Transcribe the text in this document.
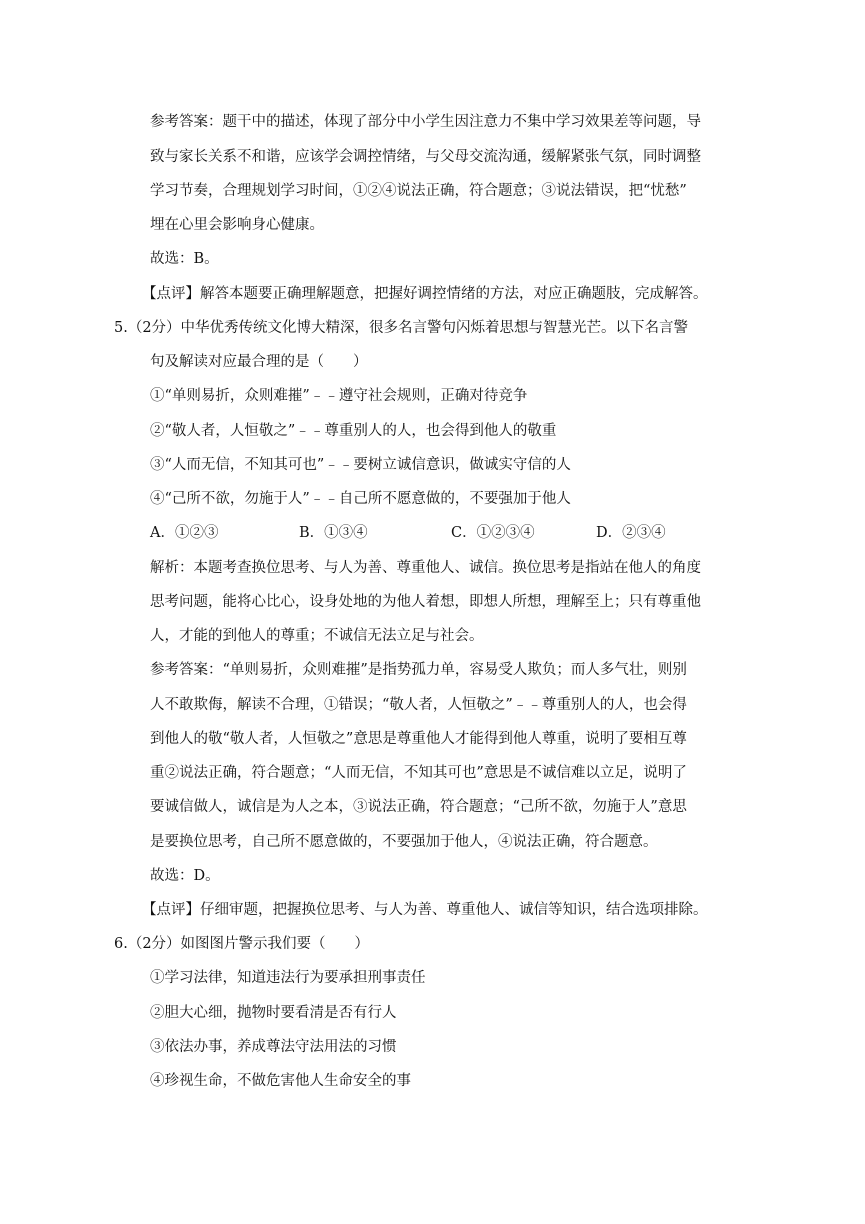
参考答案：题干中的描述，体现了部分中小学生因注意力不集中学习效果差等问题，导
致与家长关系不和谐，应该学会调控情绪，与父母交流沟通，缓解紧张气氛，同时调整
学习节奏，合理规划学习时间，①②④说法正确，符合题意；③说法错误，把“忧愁”
埋在心里会影响身心健康。
故选：B。
【点评】解答本题要正确理解题意，把握好调控情绪的方法，对应正确题肢，完成解答。
5.（2分）中华优秀传统文化博大精深，很多名言警句闪烁着思想与智慧光芒。以下名言警
句及解读对应最合理的是（　　）
①“单则易折，众则难摧”﹣﹣遵守社会规则，正确对待竞争
②“敬人者，人恒敬之”﹣﹣尊重别人的人，也会得到他人的敬重
③“人而无信，不知其可也”﹣﹣要树立诚信意识，做诚实守信的人
④“己所不欲，勿施于人”﹣﹣自己所不愿意做的，不要强加于他人
A．①②③	B．①③④	C．①②③④	D．②③④
解析：本题考查换位思考、与人为善、尊重他人、诚信。换位思考是指站在他人的角度
思考问题，能将心比心，设身处地的为他人着想，即想人所想，理解至上；只有尊重他
人，才能的到他人的尊重；不诚信无法立足与社会。
参考答案：“单则易折，众则难摧”是指势孤力单，容易受人欺负；而人多气壮，则别
人不敢欺侮，解读不合理，①错误；“敬人者，人恒敬之”﹣﹣尊重别人的人，也会得
到他人的敬“敬人者，人恒敬之”意思是尊重他人才能得到他人尊重，说明了要相互尊
重②说法正确，符合题意；“人而无信，不知其可也”意思是不诚信难以立足，说明了
要诚信做人，诚信是为人之本，③说法正确，符合题意；“己所不欲，勿施于人”意思
是要换位思考，自己所不愿意做的，不要强加于他人，④说法正确，符合题意。
故选：D。
【点评】仔细审题，把握换位思考、与人为善、尊重他人、诚信等知识，结合选项排除。
6.（2分）如图图片警示我们要（　　）
①学习法律，知道违法行为要承担刑事责任
②胆大心细，抛物时要看清是否有行人
③依法办事，养成尊法守法用法的习惯
④珍视生命，不做危害他人生命安全的事
